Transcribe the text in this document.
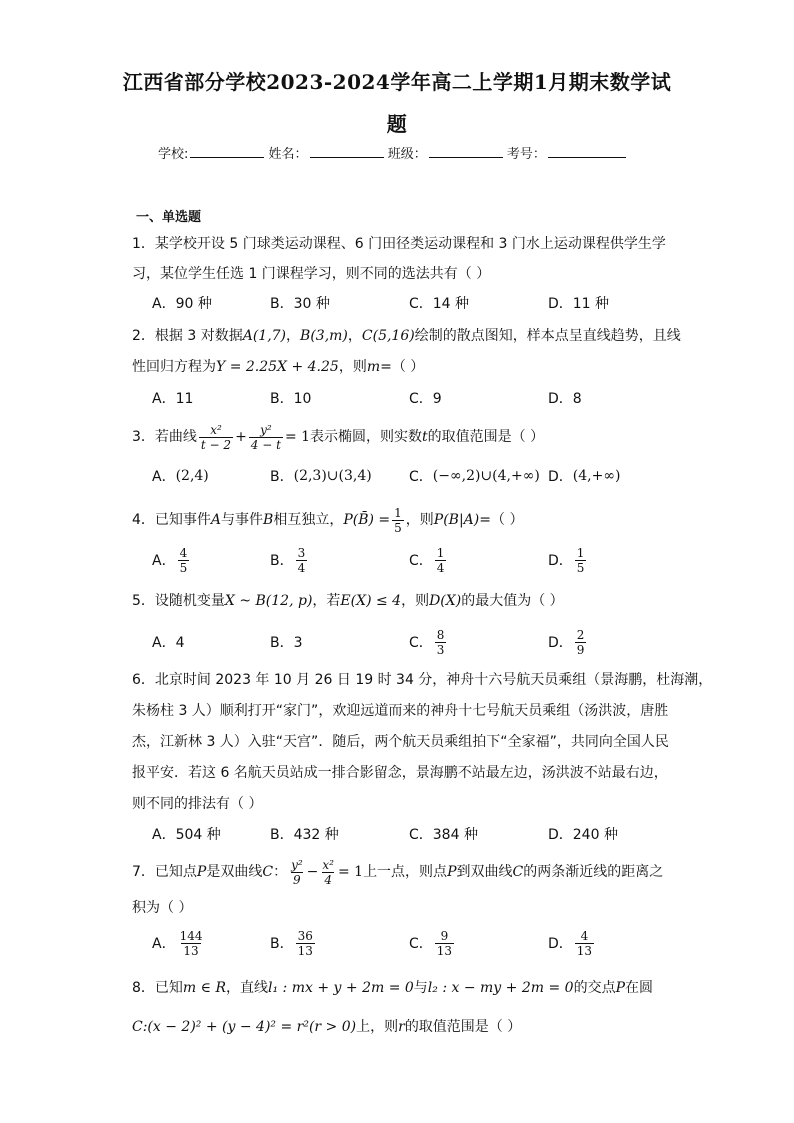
江西省部分学校2023-2024学年高二上学期1月期末数学试
题
学校:	姓名：	班级：	考号：
一、单选题
1．某学校开设 5 门球类运动课程、6 门田径类运动课程和 3 门水上运动课程供学生学
习，某位学生任选 1 门课程学习，则不同的选法共有（ ）
A．90 种	B．30 种	C．14 种	D．11 种
2．根据 3 对数据A(1,7)，B(3,m)，C(5,16)绘制的散点图知，样本点呈直线趋势，且线
性回归方程为Y = 2.25X + 4.25，则m=（ ）
A．11	B．10	C．9	D．8
3．若曲线 $\frac{\text{x²}}{t - 2} + \frac{\text{y²}}{4 - t} = 1$表示椭圆，则实数t的取值范围是（ ）
A． (2,4)	B． (2,3)∪(3,4)	C． (−∞,2)∪(4,+∞) D． (4,+∞)
4．已知事件A与事件B相互独立，P(B̄) = $\frac{1}{5}$ ，则P(B|A)=（ ）
A． $\frac{4}{5}$	B． $\frac{3}{4}$	C． $\frac{1}{4}$	D． $\frac{1}{5}$
5．设随机变量X ~ B(12, p)，若E(X) ≤ 4，则D(X)的最大值为（ ）
A．4	B．3	C． $\frac{8}{3}$	D． $\frac{2}{9}$
6．北京时间 2023 年 10 月 26 日 19 时 34 分，神舟十六号航天员乘组（景海鹏，杜海潮，
朱杨柱 3 人）顺利打开“家门”，欢迎远道而来的神舟十七号航天员乘组（汤洪波，唐胜
杰，江新林 3 人）入驻“天宫”．随后，两个航天员乘组拍下“全家福”，共同向全国人民
报平安．若这 6 名航天员站成一排合影留念，景海鹏不站最左边，汤洪波不站最右边，
则不同的排法有（ ）
A．504 种	B．432 种	C．384 种	D．240 种
7．已知点P是双曲线C： $\frac{\text{y²}}{9} - \frac{\text{x²}}{4} = 1$上一点，则点P到双曲线C的两条渐近线的距离之
积为（ ）
A． $\frac{144}{13}$	B． $\frac{36}{13}$	C． $\frac{9}{13}$	D． $\frac{4}{13}$
8．已知m ∈ R，直线l₁ : mx + y + 2m = 0与l₂ : x − my + 2m = 0的交点P在圆
C:(x − 2)² + (y − 4)² = r²(r > 0)上，则r的取值范围是（ ）
